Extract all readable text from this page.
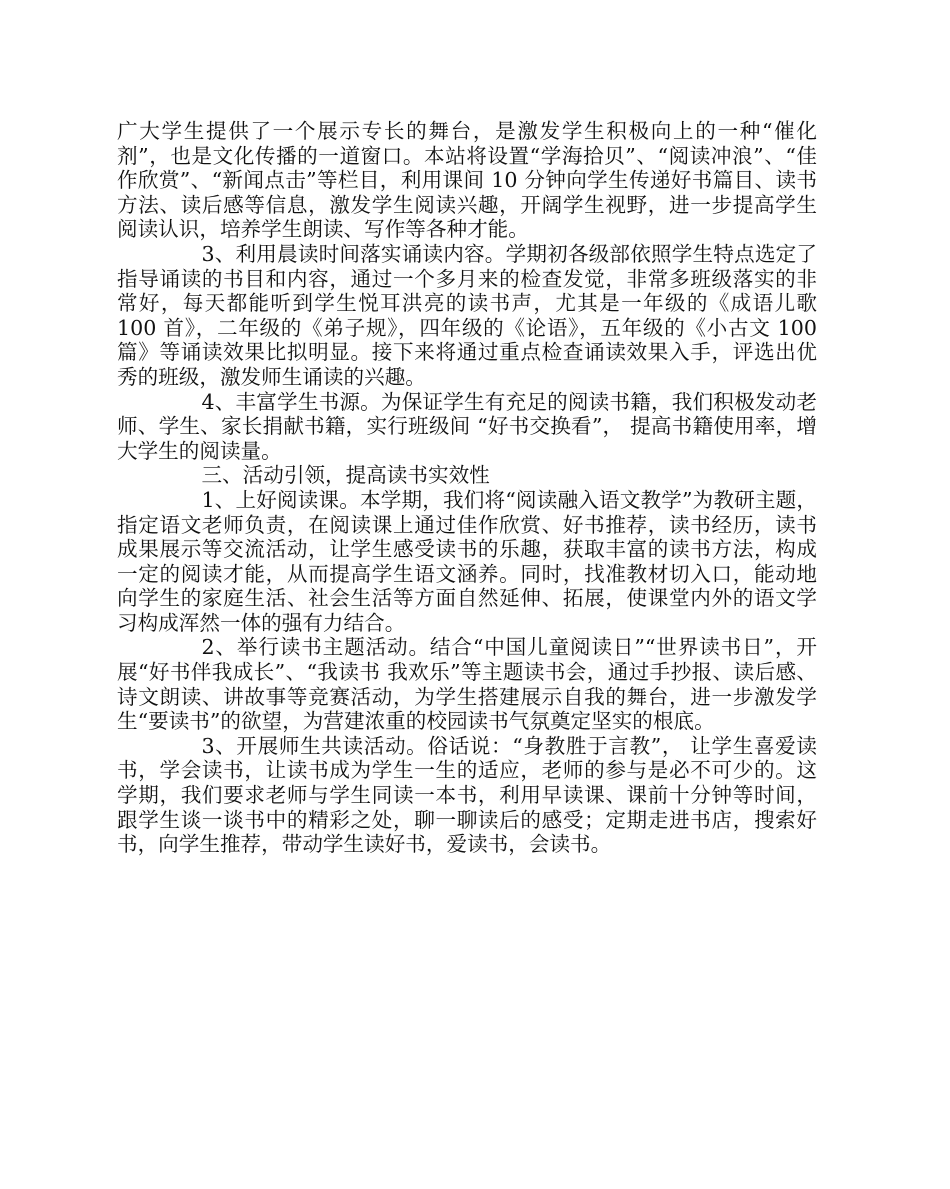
广大学生提供了一个展示专长的舞台，是激发学生积极向上的一种“催化剂”，也是文化传播的一道窗口。本站将设置“学海拾贝”、“阅读冲浪”、“佳作欣赏”、“新闻点击”等栏目，利用课间 10 分钟向学生传递好书篇目、读书方法、读后感等信息，激发学生阅读兴趣，开阔学生视野，进一步提高学生阅读认识，培养学生朗读、写作等各种才能。

3、利用晨读时间落实诵读内容。学期初各级部依照学生特点选定了指导诵读的书目和内容，通过一个多月来的检查发觉，非常多班级落实的非常好，每天都能听到学生悦耳洪亮的读书声，尤其是一年级的《成语儿歌 100 首》，二年级的《弟子规》，四年级的《论语》，五年级的《小古文 100 篇》等诵读效果比拟明显。接下来将通过重点检查诵读效果入手，评选出优秀的班级，激发师生诵读的兴趣。

4、丰富学生书源。为保证学生有充足的阅读书籍，我们积极发动老师、学生、家长捐献书籍，实行班级间 “好书交换看”， 提高书籍使用率，增大学生的阅读量。

三、活动引领，提高读书实效性

1、上好阅读课。本学期，我们将“阅读融入语文教学”为教研主题，指定语文老师负责，在阅读课上通过佳作欣赏、好书推荐，读书经历，读书成果展示等交流活动，让学生感受读书的乐趣，获取丰富的读书方法，构成一定的阅读才能，从而提高学生语文涵养。同时，找准教材切入口，能动地向学生的家庭生活、社会生活等方面自然延伸、拓展，使课堂内外的语文学习构成浑然一体的强有力结合。

2、举行读书主题活动。结合“中国儿童阅读日”“世界读书日”，开展“好书伴我成长”、“我读书 我欢乐”等主题读书会，通过手抄报、读后感、诗文朗读、讲故事等竞赛活动，为学生搭建展示自我的舞台，进一步激发学生“要读书”的欲望，为营建浓重的校园读书气氛奠定坚实的根底。

3、开展师生共读活动。俗话说：“身教胜于言教”， 让学生喜爱读书，学会读书，让读书成为学生一生的适应，老师的参与是必不可少的。这学期，我们要求老师与学生同读一本书，利用早读课、课前十分钟等时间，跟学生谈一谈书中的精彩之处，聊一聊读后的感受；定期走进书店，搜索好书，向学生推荐，带动学生读好书，爱读书，会读书。
